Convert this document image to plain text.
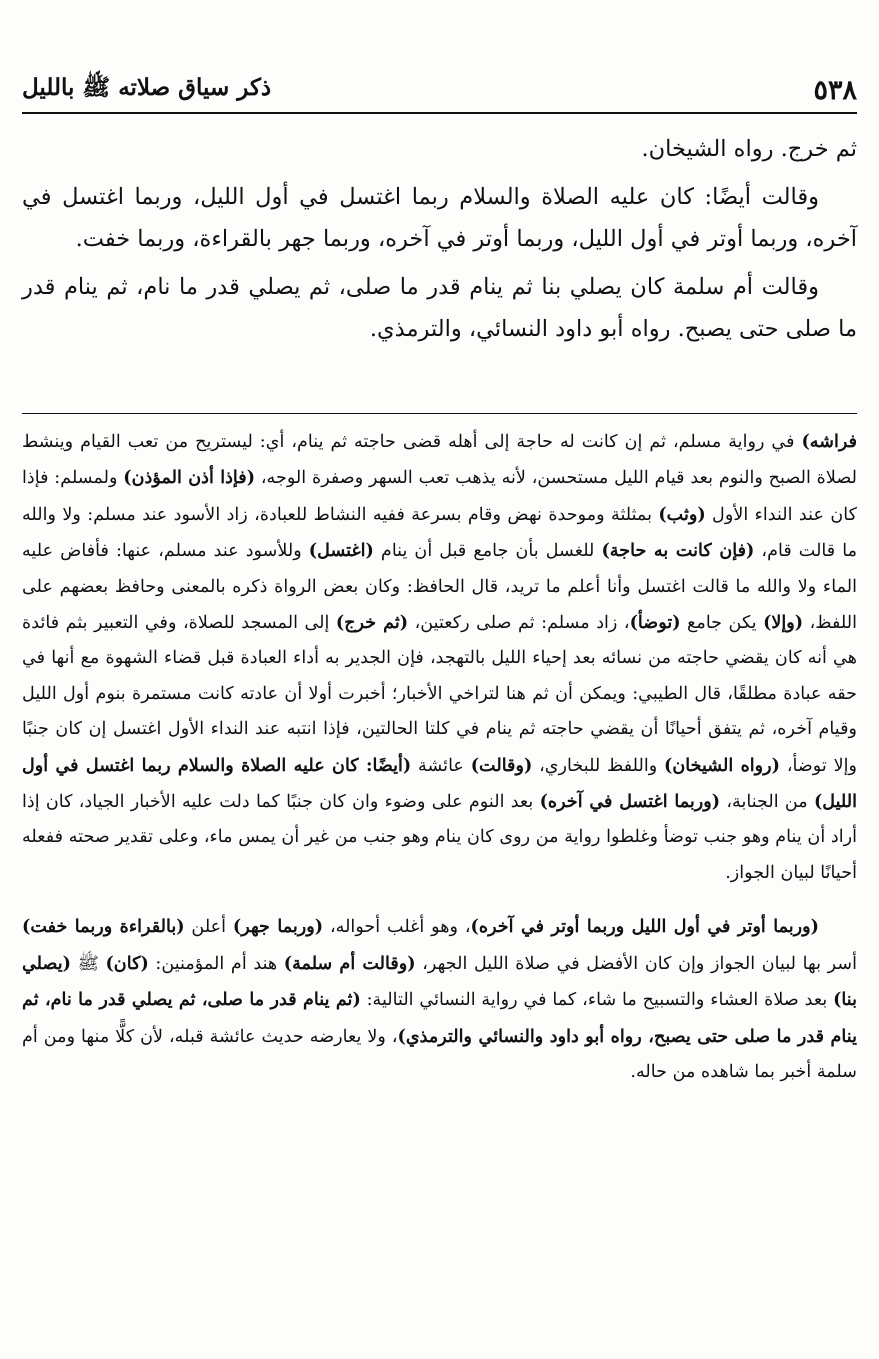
٥٣٨
ذكر سياق صلاته ﷺ بالليل

ثم خرج. رواه الشيخان.

وقالت أيضًا: كان عليه الصلاة والسلام ربما اغتسل في أول الليل، وربما اغتسل في آخره، وربما أوتر في أول الليل، وربما أوتر في آخره، وربما جهر بالقراءة، وربما خفت.

وقالت أم سلمة كان يصلي بنا ثم ينام قدر ما صلى، ثم يصلي قدر ما نام، ثم ينام قدر ما صلى حتى يصبح. رواه أبو داود النسائي، والترمذي.

فراشه) في رواية مسلم، ثم إن كانت له حاجة إلى أهله قضى حاجته ثم ينام، أي: ليستريح من تعب القيام وينشط لصلاة الصبح والنوم بعد قيام الليل مستحسن، لأنه يذهب تعب السهر وصفرة الوجه، (فإذا أذن المؤذن) ولمسلم: فإذا كان عند النداء الأول (وثب) بمثلثة وموحدة نهض وقام بسرعة ففيه النشاط للعبادة، زاد الأسود عند مسلم: ولا والله ما قالت قام، (فإن كانت به حاجة) للغسل بأن جامع قبل أن ينام (اغتسل) وللأسود عند مسلم، عنها: فأفاض عليه الماء ولا والله ما قالت اغتسل وأنا أعلم ما تريد، قال الحافظ: وكان بعض الرواة ذكره بالمعنى وحافظ بعضهم على اللفظ، (وإلا) يكن جامع (توضأ)، زاد مسلم: ثم صلى ركعتين، (ثم خرج) إلى المسجد للصلاة، وفي التعبير بثم فائدة هي أنه كان يقضي حاجته من نسائه بعد إحياء الليل بالتهجد، فإن الجدير به أداء العبادة قبل قضاء الشهوة مع أنها في حقه عبادة مطلقًا، قال الطيبي: ويمكن أن ثم هنا لتراخي الأخبار؛ أخبرت أولا أن عادته كانت مستمرة بنوم أول الليل وقيام آخره، ثم يتفق أحيانًا أن يقضي حاجته ثم ينام في كلتا الحالتين، فإذا انتبه عند النداء الأول اغتسل إن كان جنبًا وإلا توضأ، (رواه الشيخان) واللفظ للبخاري، (وقالت) عائشة (أيضًا: كان عليه الصلاة والسلام ربما اغتسل في أول الليل) من الجنابة، (وربما اغتسل في آخره) بعد النوم على وضوء وان كان جنبًا كما دلت عليه الأخبار الجياد، كان إذا أراد أن ينام وهو جنب توضأ وغلطوا رواية من روى كان ينام وهو جنب من غير أن يمس ماء، وعلى تقدير صحته ففعله أحيانًا لبيان الجواز.

(وربما أوتر في أول الليل وربما أوتر في آخره)، وهو أغلب أحواله، (وربما جهر) أعلن (بالقراءة وربما خفت) أسر بها لبيان الجواز وإن كان الأفضل في صلاة الليل الجهر، (وقالت أم سلمة) هند أم المؤمنين: (كان) ﷺ (يصلي بنا) بعد صلاة العشاء والتسبيح ما شاء، كما في رواية النسائي التالية: (ثم ينام قدر ما صلى، ثم يصلي قدر ما نام، ثم ينام قدر ما صلى حتى يصبح، رواه أبو داود والنسائي والترمذي)، ولا يعارضه حديث عائشة قبله، لأن كلًّا منها ومن أم سلمة أخبر بما شاهده من حاله.
